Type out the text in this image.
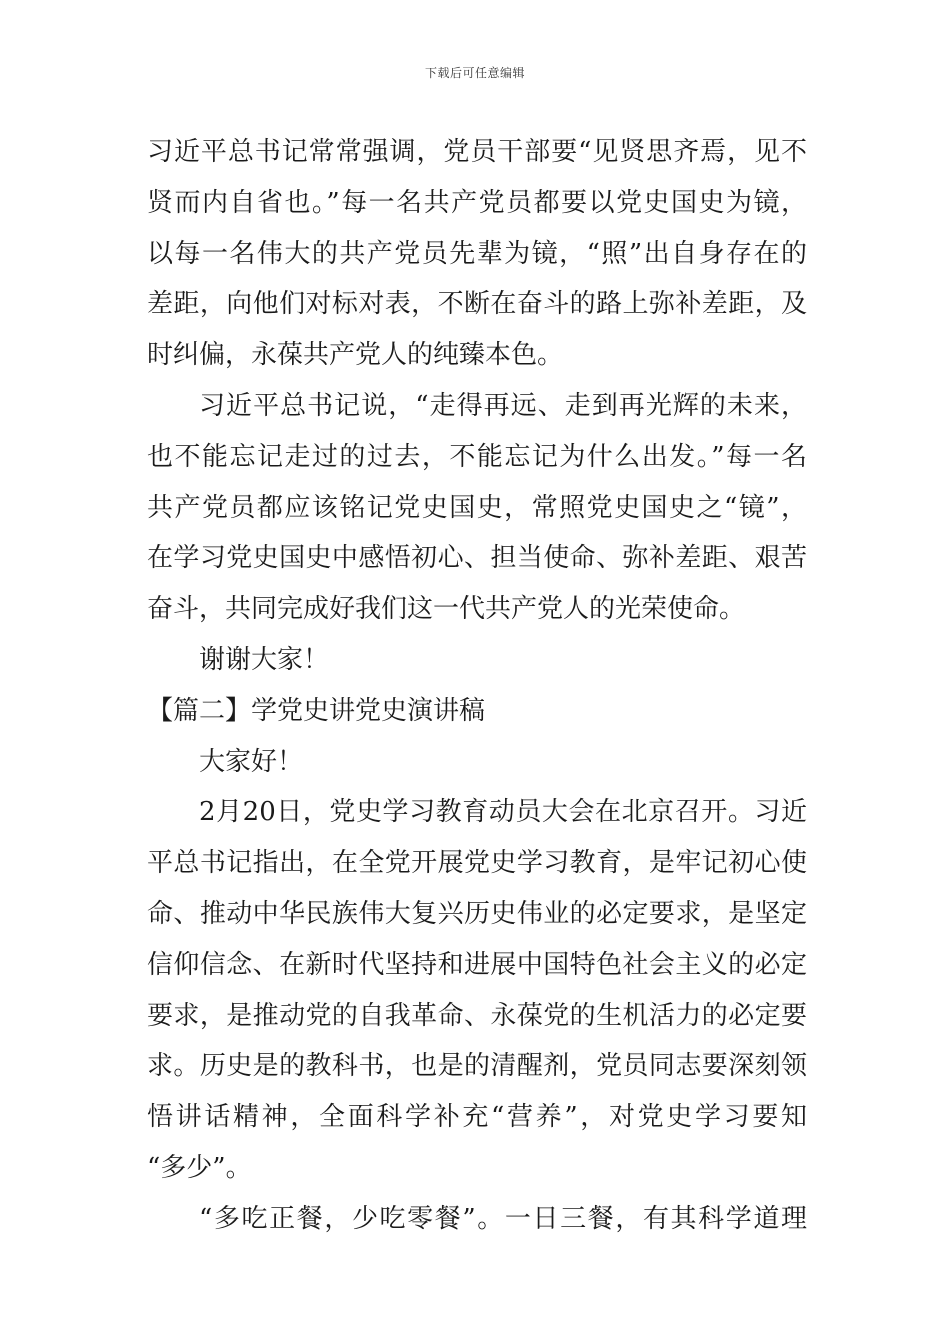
下载后可任意编辑
习近平总书记常常强调，党员干部要“见贤思齐焉，见不
贤而内自省也。”每一名共产党员都要以党史国史为镜，
以每一名伟大的共产党员先辈为镜，“照”出自身存在的
差距，向他们对标对表，不断在奋斗的路上弥补差距，及
时纠偏，永葆共产党人的纯臻本色。
习近平总书记说，“走得再远、走到再光辉的未来，
也不能忘记走过的过去，不能忘记为什么出发。”每一名
共产党员都应该铭记党史国史，常照党史国史之“镜”，
在学习党史国史中感悟初心、担当使命、弥补差距、艰苦
奋斗，共同完成好我们这一代共产党人的光荣使命。
谢谢大家！
【篇二】学党史讲党史演讲稿
大家好！
2月20日，党史学习教育动员大会在北京召开。习近
平总书记指出，在全党开展党史学习教育，是牢记初心使
命、推动中华民族伟大复兴历史伟业的必定要求，是坚定
信仰信念、在新时代坚持和进展中国特色社会主义的必定
要求，是推动党的自我革命、永葆党的生机活力的必定要
求。历史是的教科书，也是的清醒剂，党员同志要深刻领
悟讲话精神，全面科学补充“营养”，对党史学习要知
“多少”。
“多吃正餐，少吃零餐”。一日三餐，有其科学道理
